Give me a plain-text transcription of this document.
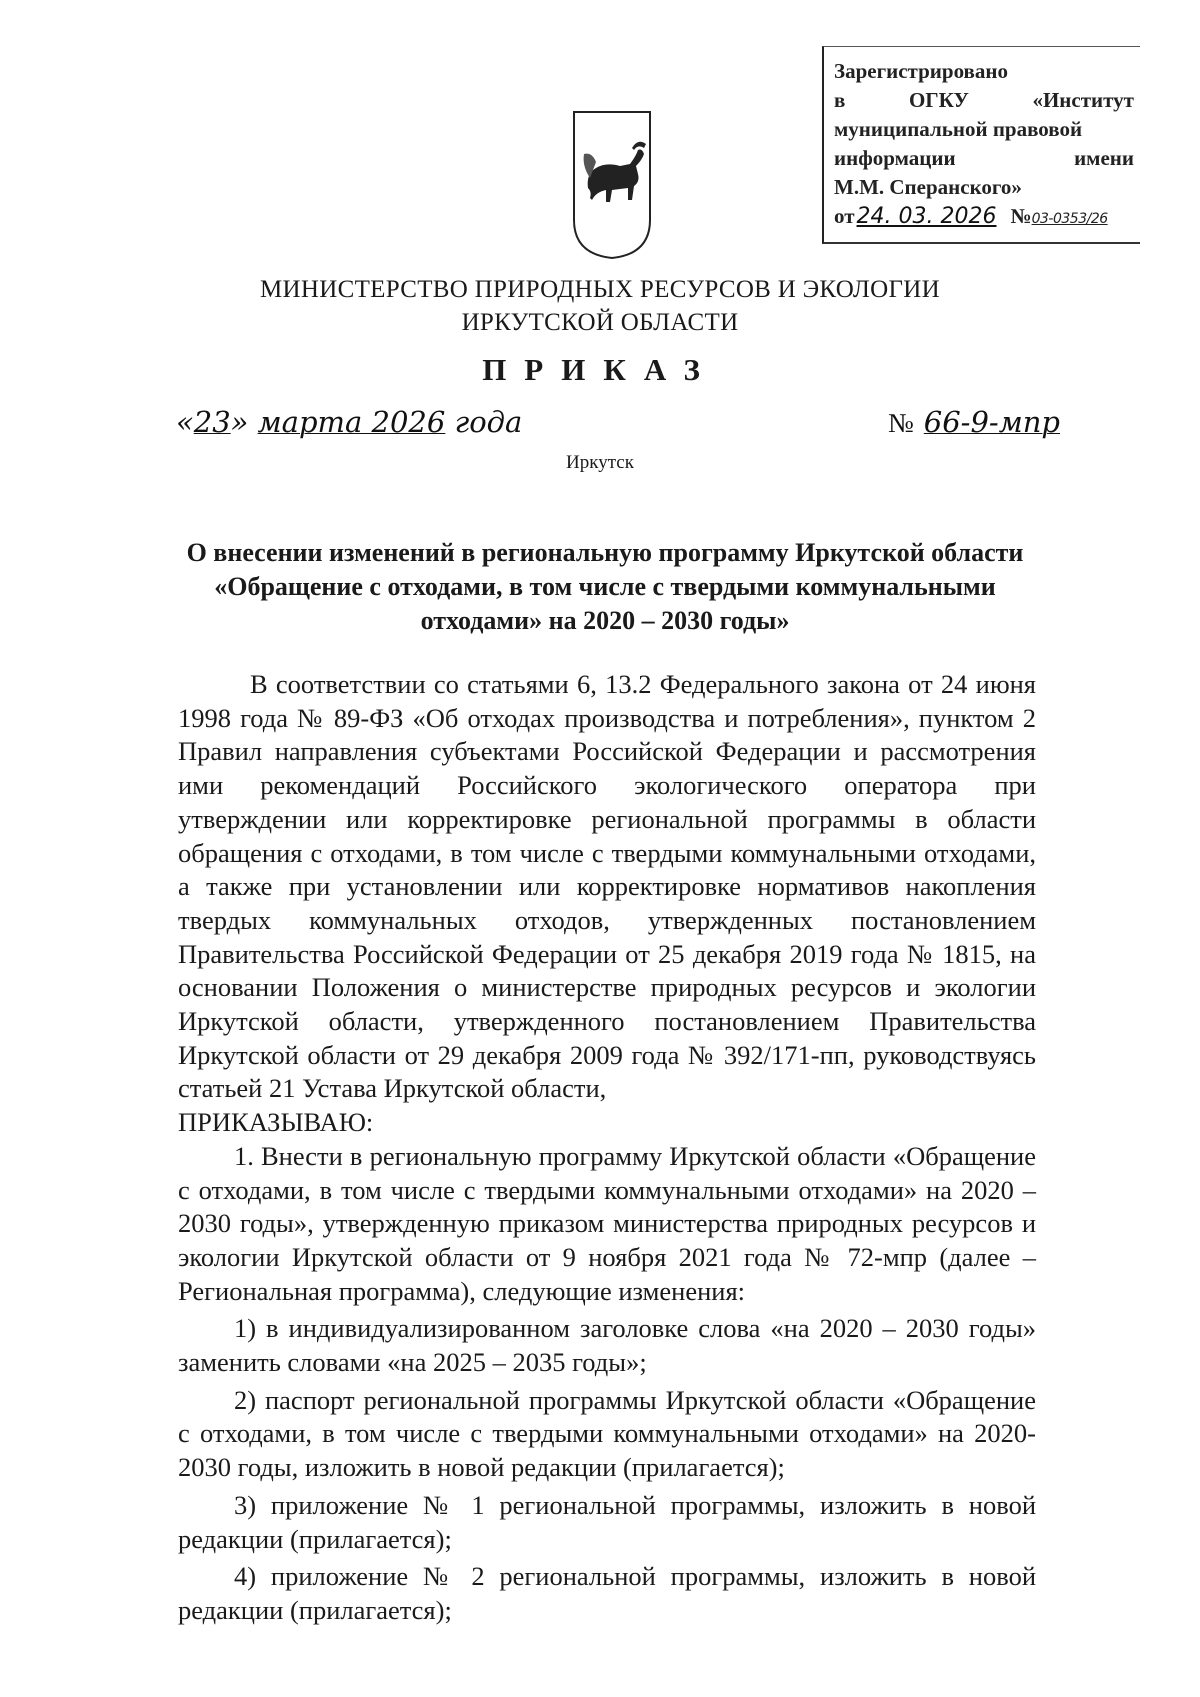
Зарегистрировано
в	ОГКУ	«Институт
муниципальной правовой
информации	имени
М.М. Сперанского»
от 24. 03. 2026 № 03-0353/26
МИНИСТЕРСТВО ПРИРОДНЫХ РЕСУРСОВ И ЭКОЛОГИИ
ИРКУТСКОЙ ОБЛАСТИ
ПРИКАЗ
«23» марта 2026 года	№ 66-9-мпр
Иркутск
О внесении изменений в региональную программу Иркутской области «Обращение с отходами, в том числе с твердыми коммунальными отходами» на 2020 – 2030 годы»

В соответствии со статьями 6, 13.2 Федерального закона от 24 июня 1998 года № 89-ФЗ «Об отходах производства и потребления», пунктом 2 Правил направления субъектами Российской Федерации и рассмотрения ими рекомендаций Российского экологического оператора при утверждении или корректировке региональной программы в области обращения с отходами, в том числе с твердыми коммунальными отходами, а также при установлении или корректировке нормативов накопления твердых коммунальных отходов, утвержденных постановлением Правительства Российской Федерации от 25 декабря 2019 года № 1815, на основании Положения о министерстве природных ресурсов и экологии Иркутской области, утвержденного постановлением Правительства Иркутской области от 29 декабря 2009 года № 392/171-пп, руководствуясь статьей 21 Устава Иркутской области,

ПРИКАЗЫВАЮ:

1. Внести в региональную программу Иркутской области «Обращение с отходами, в том числе с твердыми коммунальными отходами» на 2020 – 2030 годы», утвержденную приказом министерства природных ресурсов и экологии Иркутской области от 9 ноября 2021 года № 72-мпр (далее – Региональная программа), следующие изменения:

1) в индивидуализированном заголовке слова «на 2020 – 2030 годы» заменить словами «на 2025 – 2035 годы»;

2) паспорт региональной программы Иркутской области «Обращение с отходами, в том числе с твердыми коммунальными отходами» на 2020-2030 годы, изложить в новой редакции (прилагается);

3) приложение № 1 региональной программы, изложить в новой редакции (прилагается);

4) приложение № 2 региональной программы, изложить в новой редакции (прилагается);
